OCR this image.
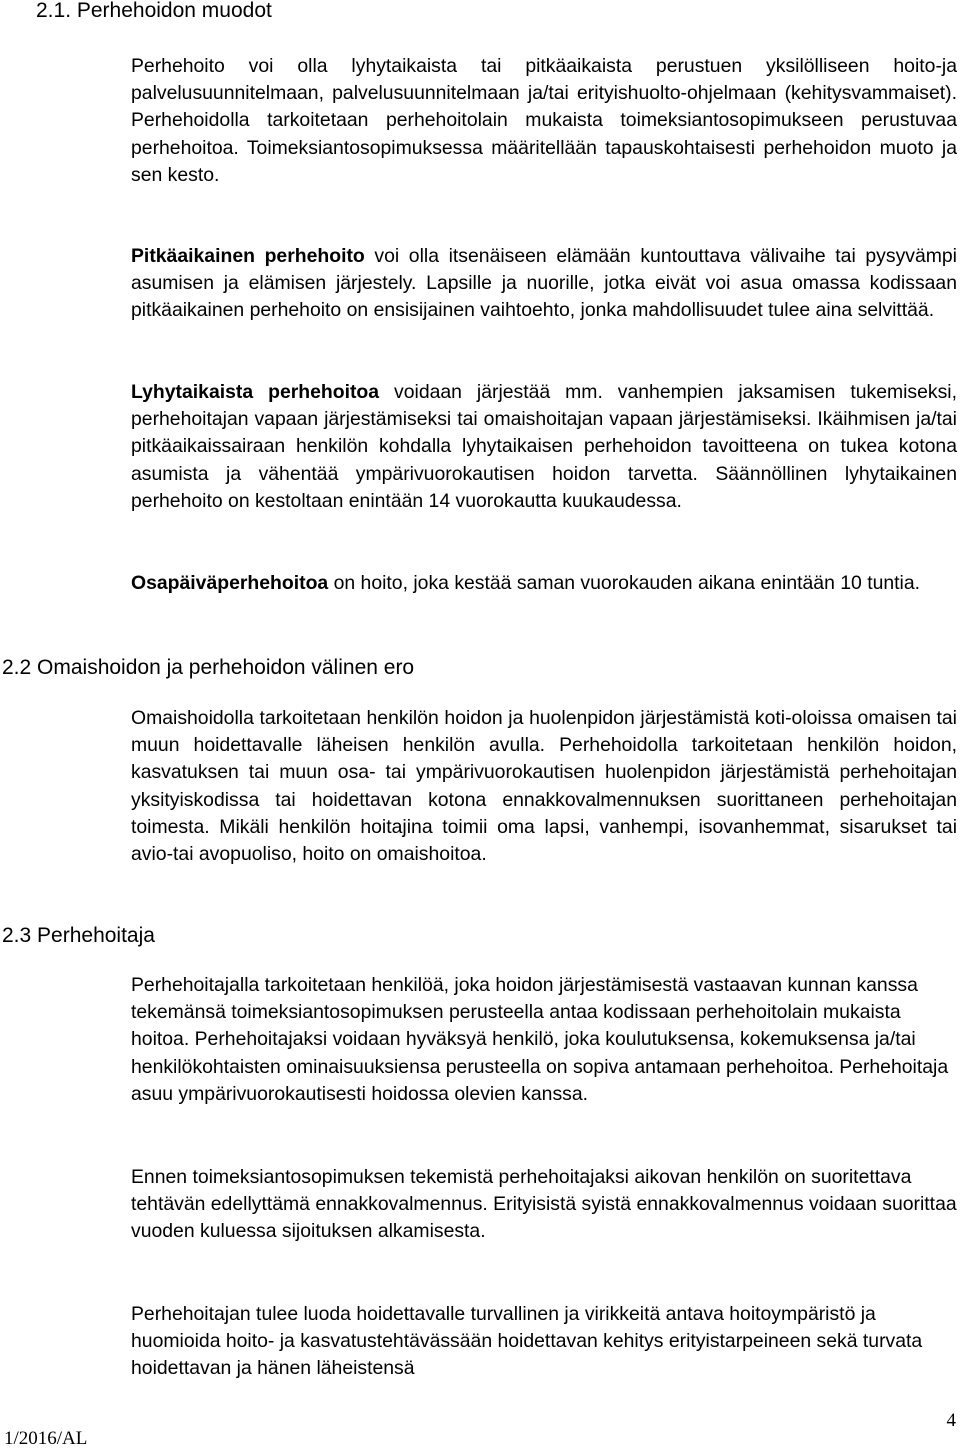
2.1. Perhehoidon muodot
Perhehoito voi olla lyhytaikaista tai pitkäaikaista perustuen yksilölliseen hoito-ja palvelusuunnitelmaan, palvelusuunnitelmaan ja/tai erityishuolto-ohjelmaan (kehitysvammaiset). Perhehoidolla tarkoitetaan perhehoitolain mukaista toimeksiantosopimukseen perustuvaa perhehoitoa. Toimeksiantosopimuksessa määritellään tapauskohtaisesti perhehoidon muoto ja sen kesto.
Pitkäaikainen perhehoito voi olla itsenäiseen elämään kuntouttava välivaihe tai pysyvämpi asumisen ja elämisen järjestely. Lapsille ja nuorille, jotka eivät voi asua omassa kodissaan pitkäaikainen perhehoito on ensisijainen vaihtoehto, jonka mahdollisuudet tulee aina selvittää.
Lyhytaikaista perhehoitoa voidaan järjestää mm. vanhempien jaksamisen tukemiseksi, perhehoitajan vapaan järjestämiseksi tai omaishoitajan vapaan järjestämiseksi. Ikäihmisen ja/tai pitkäaikaissairaan henkilön kohdalla lyhytaikaisen perhehoidon tavoitteena on tukea kotona asumista ja vähentää ympärivuorokautisen hoidon tarvetta. Säännöllinen lyhytaikainen perhehoito on kestoltaan enintään 14 vuorokautta kuukaudessa.
Osapäiväperhehoitoa on hoito, joka kestää saman vuorokauden aikana enintään 10 tuntia.
2.2 Omaishoidon ja perhehoidon välinen ero
Omaishoidolla tarkoitetaan henkilön hoidon ja huolenpidon järjestämistä koti-oloissa omaisen tai muun hoidettavalle läheisen henkilön avulla. Perhehoidolla tarkoitetaan henkilön hoidon, kasvatuksen tai muun osa- tai ympärivuorokautisen huolenpidon järjestämistä perhehoitajan yksityiskodissa tai hoidettavan kotona ennakkovalmennuksen suorittaneen perhehoitajan toimesta. Mikäli henkilön hoitajina toimii oma lapsi, vanhempi, isovanhemmat, sisarukset tai avio-tai avopuoliso, hoito on omaishoitoa.
2.3 Perhehoitaja
Perhehoitajalla tarkoitetaan henkilöä, joka hoidon järjestämisestä vastaavan kunnan kanssa tekemänsä toimeksiantosopimuksen perusteella antaa kodissaan perhehoitolain mukaista hoitoa. Perhehoitajaksi voidaan hyväksyä henkilö, joka koulutuksensa, kokemuksensa ja/tai henkilökohtaisten ominaisuuksiensa perusteella on sopiva antamaan perhehoitoa. Perhehoitaja asuu ympärivuorokautisesti hoidossa olevien kanssa.
Ennen toimeksiantosopimuksen tekemistä perhehoitajaksi aikovan henkilön on suoritettava tehtävän edellyttämä ennakkovalmennus. Erityisistä syistä ennakkovalmennus voidaan suorittaa vuoden kuluessa sijoituksen alkamisesta.
Perhehoitajan tulee luoda hoidettavalle turvallinen ja virikkeitä antava hoitoympäristö ja huomioida hoito- ja kasvatustehtävässään hoidettavan kehitys erityistarpeineen sekä turvata hoidettavan ja hänen läheistensä
1/2016/AL
4
